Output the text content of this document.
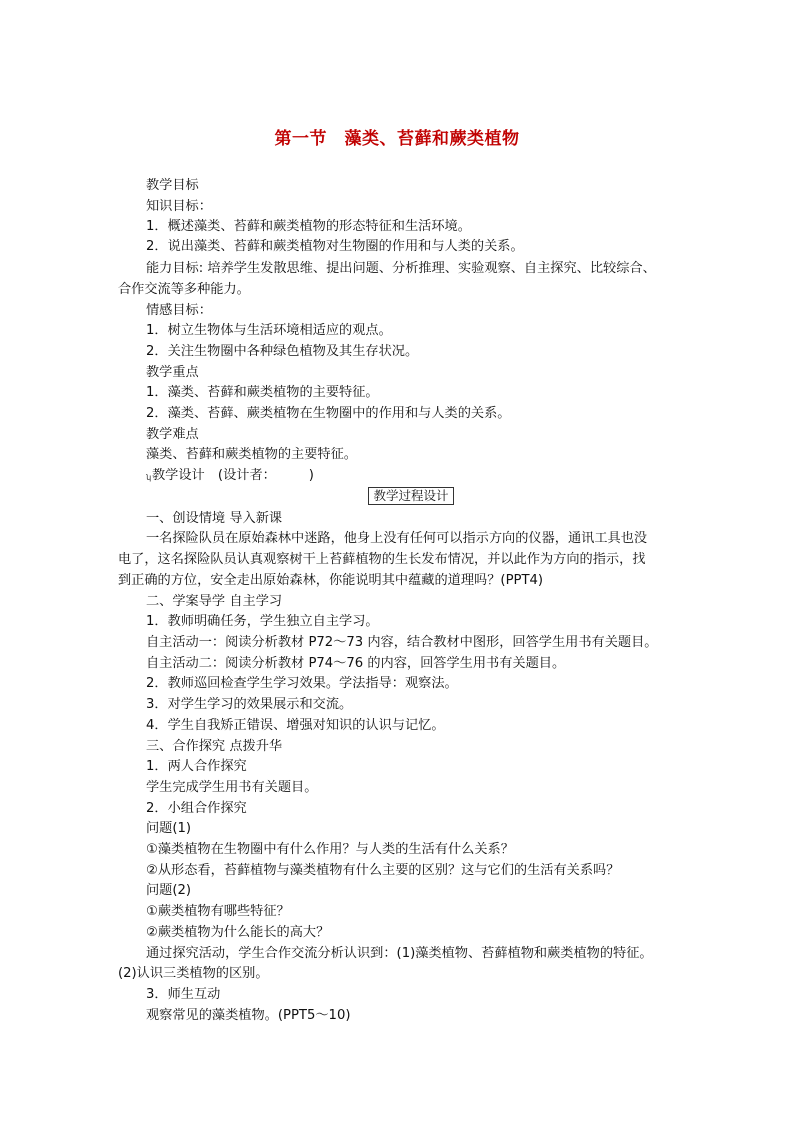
第一节　藻类、苔藓和蕨类植物
教学目标
知识目标：
1．概述藻类、苔藓和蕨类植物的形态特征和生活环境。
2．说出藻类、苔藓和蕨类植物对生物圈的作用和与人类的关系。
能力目标: 培养学生发散思维、提出问题、分析推理、实验观察、自主探究、比较综合、
合作交流等多种能力。
情感目标：
1．树立生物体与生活环境相适应的观点。
2．关注生物圈中各种绿色植物及其生存状况。
教学重点
1．藻类、苔藓和蕨类植物的主要特征。
2．藻类、苔藓、蕨类植物在生物圈中的作用和与人类的关系。
教学难点
藻类、苔藓和蕨类植物的主要特征。
ʮ 教学设计　(设计者：　　　)
教学过程设计
一、创设情境 导入新课
一名探险队员在原始森林中迷路，他身上没有任何可以指示方向的仪器，通讯工具也没
电了，这名探险队员认真观察树干上苔藓植物的生长发布情况，并以此作为方向的指示，找
到正确的方位，安全走出原始森林，你能说明其中蕴藏的道理吗？(PPT4)
二、学案导学 自主学习
1．教师明确任务，学生独立自主学习。
自主活动一：阅读分析教材 P72～73 内容，结合教材中图形，回答学生用书有关题目。
自主活动二：阅读分析教材 P74～76 的内容，回答学生用书有关题目。
2．教师巡回检查学生学习效果。学法指导：观察法。
3．对学生学习的效果展示和交流。
4．学生自我矫正错误、增强对知识的认识与记忆。
三、合作探究 点拨升华
1．两人合作探究
学生完成学生用书有关题目。
2．小组合作探究
问题(1)
①藻类植物在生物圈中有什么作用？与人类的生活有什么关系？
②从形态看，苔藓植物与藻类植物有什么主要的区别？这与它们的生活有关系吗？
问题(2)
①蕨类植物有哪些特征？
②蕨类植物为什么能长的高大？
通过探究活动，学生合作交流分析认识到：(1)藻类植物、苔藓植物和蕨类植物的特征。
(2)认识三类植物的区别。
3．师生互动
观察常见的藻类植物。(PPT5～10)
